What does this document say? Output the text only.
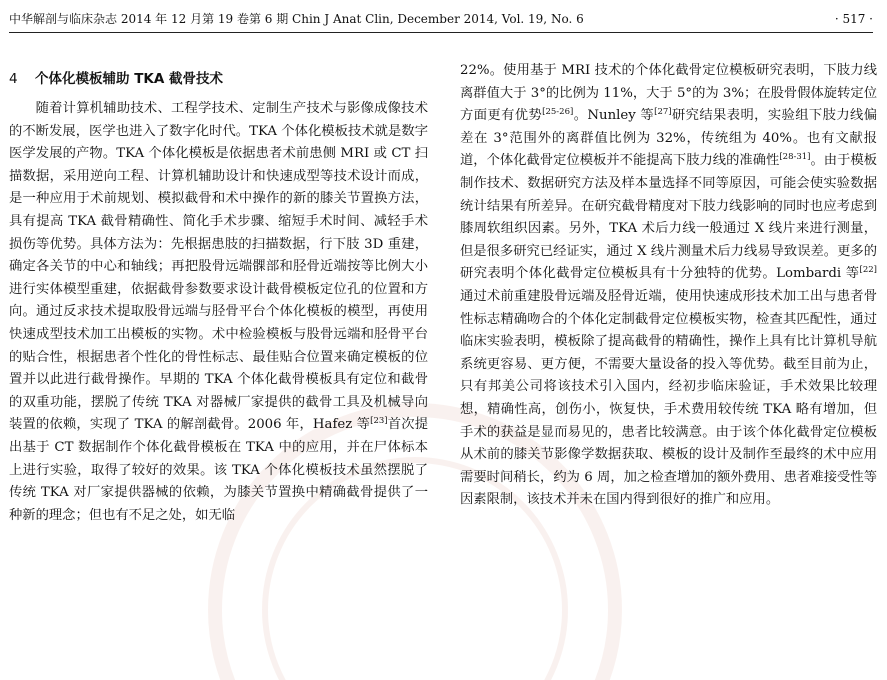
中华解剖与临床杂志 2014 年 12 月第 19 卷第 6 期 Chin J Anat Clin, December 2014, Vol. 19, No. 6	· 517 ·
4 个体化模板辅助 TKA 截骨技术

随着计算机辅助技术、工程学技术、定制生产技术与影像成像技术的不断发展，医学也进入了数字化时代。TKA 个体化模板技术就是数字医学发展的产物。TKA 个体化模板是依据患者术前患侧 MRI 或 CT 扫描数据，采用逆向工程、计算机辅助设计和快速成型等技术设计而成，是一种应用于术前规划、模拟截骨和术中操作的新的膝关节置换方法，具有提高 TKA 截骨精确性、简化手术步骤、缩短手术时间、减轻手术损伤等优势。具体方法为：先根据患肢的扫描数据，行下肢 3D 重建，确定各关节的中心和轴线；再把股骨远端髁部和胫骨近端按等比例大小进行实体模型重建，依据截骨参数要求设计截骨模板定位孔的位置和方向。通过反求技术提取股骨远端与胫骨平台个体化模板的模型，再使用快速成型技术加工出模板的实物。术中检验模板与股骨远端和胫骨平台的贴合性，根据患者个性化的骨性标志、最佳贴合位置来确定模板的位置并以此进行截骨操作。早期的 TKA 个体化截骨模板具有定位和截骨的双重功能，摆脱了传统 TKA 对器械厂家提供的截骨工具及机械导向装置的依赖，实现了 TKA 的解剖截骨。2006 年，Hafez 等[23]首次提出基于 CT 数据制作个体化截骨模板在 TKA 中的应用，并在尸体标本上进行实验，取得了较好的效果。该 TKA 个体化模板技术虽然摆脱了传统 TKA 对厂家提供器械的依赖，为膝关节置换中精确截骨提供了一种新的理念；但也有不足之处，如无临

22%。使用基于 MRI 技术的个体化截骨定位模板研究表明，下肢力线离群值大于 3°的比例为 11%，大于 5°的为 3%；在股骨假体旋转定位方面更有优势[25-26]。Nunley 等[27]研究结果表明，实验组下肢力线偏差在 3°范围外的离群值比例为 32%，传统组为 40%。也有文献报道，个体化截骨定位模板并不能提高下肢力线的准确性[28-31]。由于模板制作技术、数据研究方法及样本量选择不同等原因，可能会使实验数据统计结果有所差异。在研究截骨精度对下肢力线影响的同时也应考虑到膝周软组织因素。另外，TKA 术后力线一般通过 X 线片来进行测量，但是很多研究已经证实，通过 X 线片测量术后力线易导致误差。更多的研究表明个体化截骨定位模板具有十分独特的优势。Lombardi 等[22]通过术前重建股骨远端及胫骨近端，使用快速成形技术加工出与患者骨性标志精确吻合的个体化定制截骨定位模板实物，检查其匹配性，通过临床实验表明，模板除了提高截骨的精确性，操作上具有比计算机导航系统更容易、更方便，不需要大量设备的投入等优势。截至目前为止，只有邦美公司将该技术引入国内，经初步临床验证，手术效果比较理想，精确性高，创伤小，恢复快，手术费用较传统 TKA 略有增加，但手术的获益是显而易见的，患者比较满意。由于该个体化截骨定位模板从术前的膝关节影像学数据获取、模板的设计及制作至最终的术中应用需要时间稍长，约为 6 周，加之检查增加的额外费用、患者难接受性等因素限制，该技术并未在国内得到很好的推广和应用。
